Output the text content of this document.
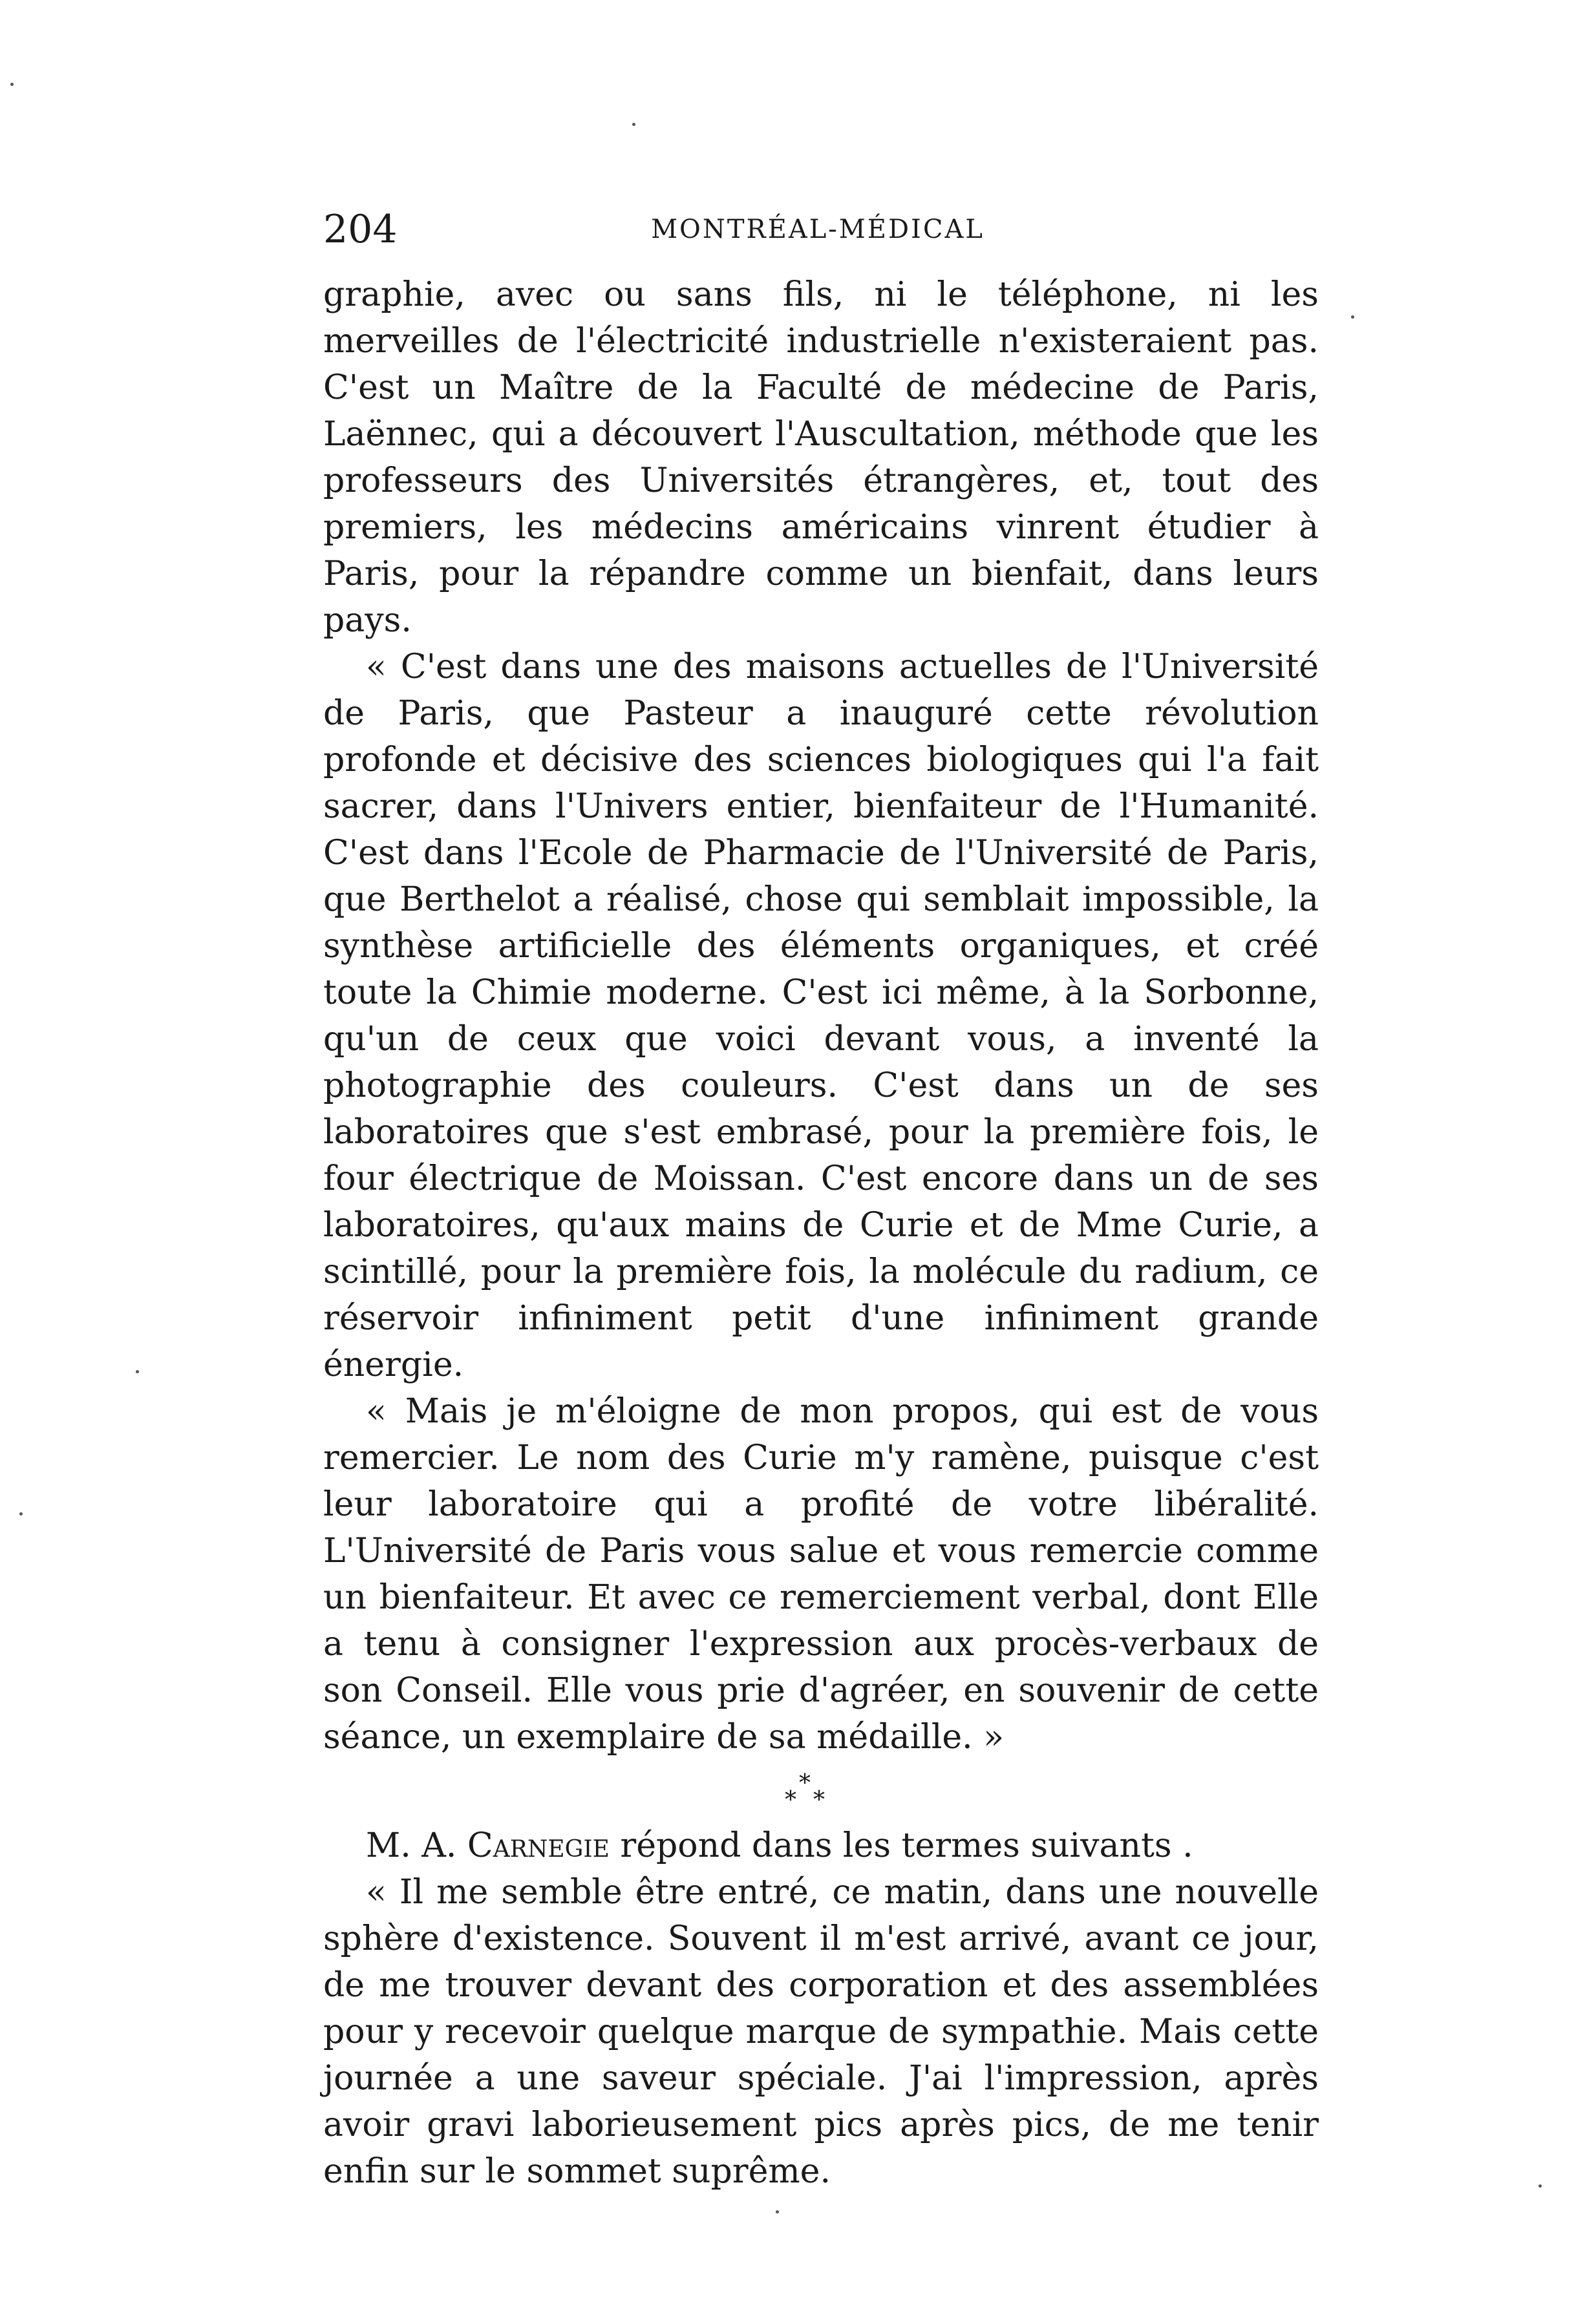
204	MONTRÉAL-MÉDICAL

graphie, avec ou sans fils, ni le téléphone, ni les merveilles de l'électricité industrielle n'existeraient pas. C'est un Maître de la Faculté de médecine de Paris, Laënnec, qui a découvert l'Auscultation, méthode que les professeurs des Universités étrangères, et, tout des premiers, les médecins américains vinrent étudier à Paris, pour la répandre comme un bienfait, dans leurs pays.

« C'est dans une des maisons actuelles de l'Université de Paris, que Pasteur a inauguré cette révolution profonde et décisive des sciences biologiques qui l'a fait sacrer, dans l'Univers entier, bienfaiteur de l'Humanité. C'est dans l'Ecole de Pharmacie de l'Université de Paris, que Berthelot a réalisé, chose qui semblait impossible, la synthèse artificielle des éléments organiques, et créé toute la Chimie moderne. C'est ici même, à la Sorbonne, qu'un de ceux que voici devant vous, a inventé la photographie des couleurs. C'est dans un de ses laboratoires que s'est embrasé, pour la première fois, le four électrique de Moissan. C'est encore dans un de ses laboratoires, qu'aux mains de Curie et de Mme Curie, a scintillé, pour la première fois, la molécule du radium, ce réservoir infiniment petit d'une infiniment grande énergie.

« Mais je m'éloigne de mon propos, qui est de vous remercier. Le nom des Curie m'y ramène, puisque c'est leur laboratoire qui a profité de votre libéralité. L'Université de Paris vous salue et vous remercie comme un bienfaiteur. Et avec ce remerciement verbal, dont Elle a tenu à consigner l'expression aux procès-verbaux de son Conseil. Elle vous prie d'agréer, en souvenir de cette séance, un exemplaire de sa médaille. »

*
* *

M. A. Carnegie répond dans les termes suivants .

« Il me semble être entré, ce matin, dans une nouvelle sphère d'existence. Souvent il m'est arrivé, avant ce jour, de me trouver devant des corporation et des assemblées pour y recevoir quelque marque de sympathie. Mais cette journée a une saveur spéciale. J'ai l'impression, après avoir gravi laborieusement pics après pics, de me tenir enfin sur le sommet suprême.
